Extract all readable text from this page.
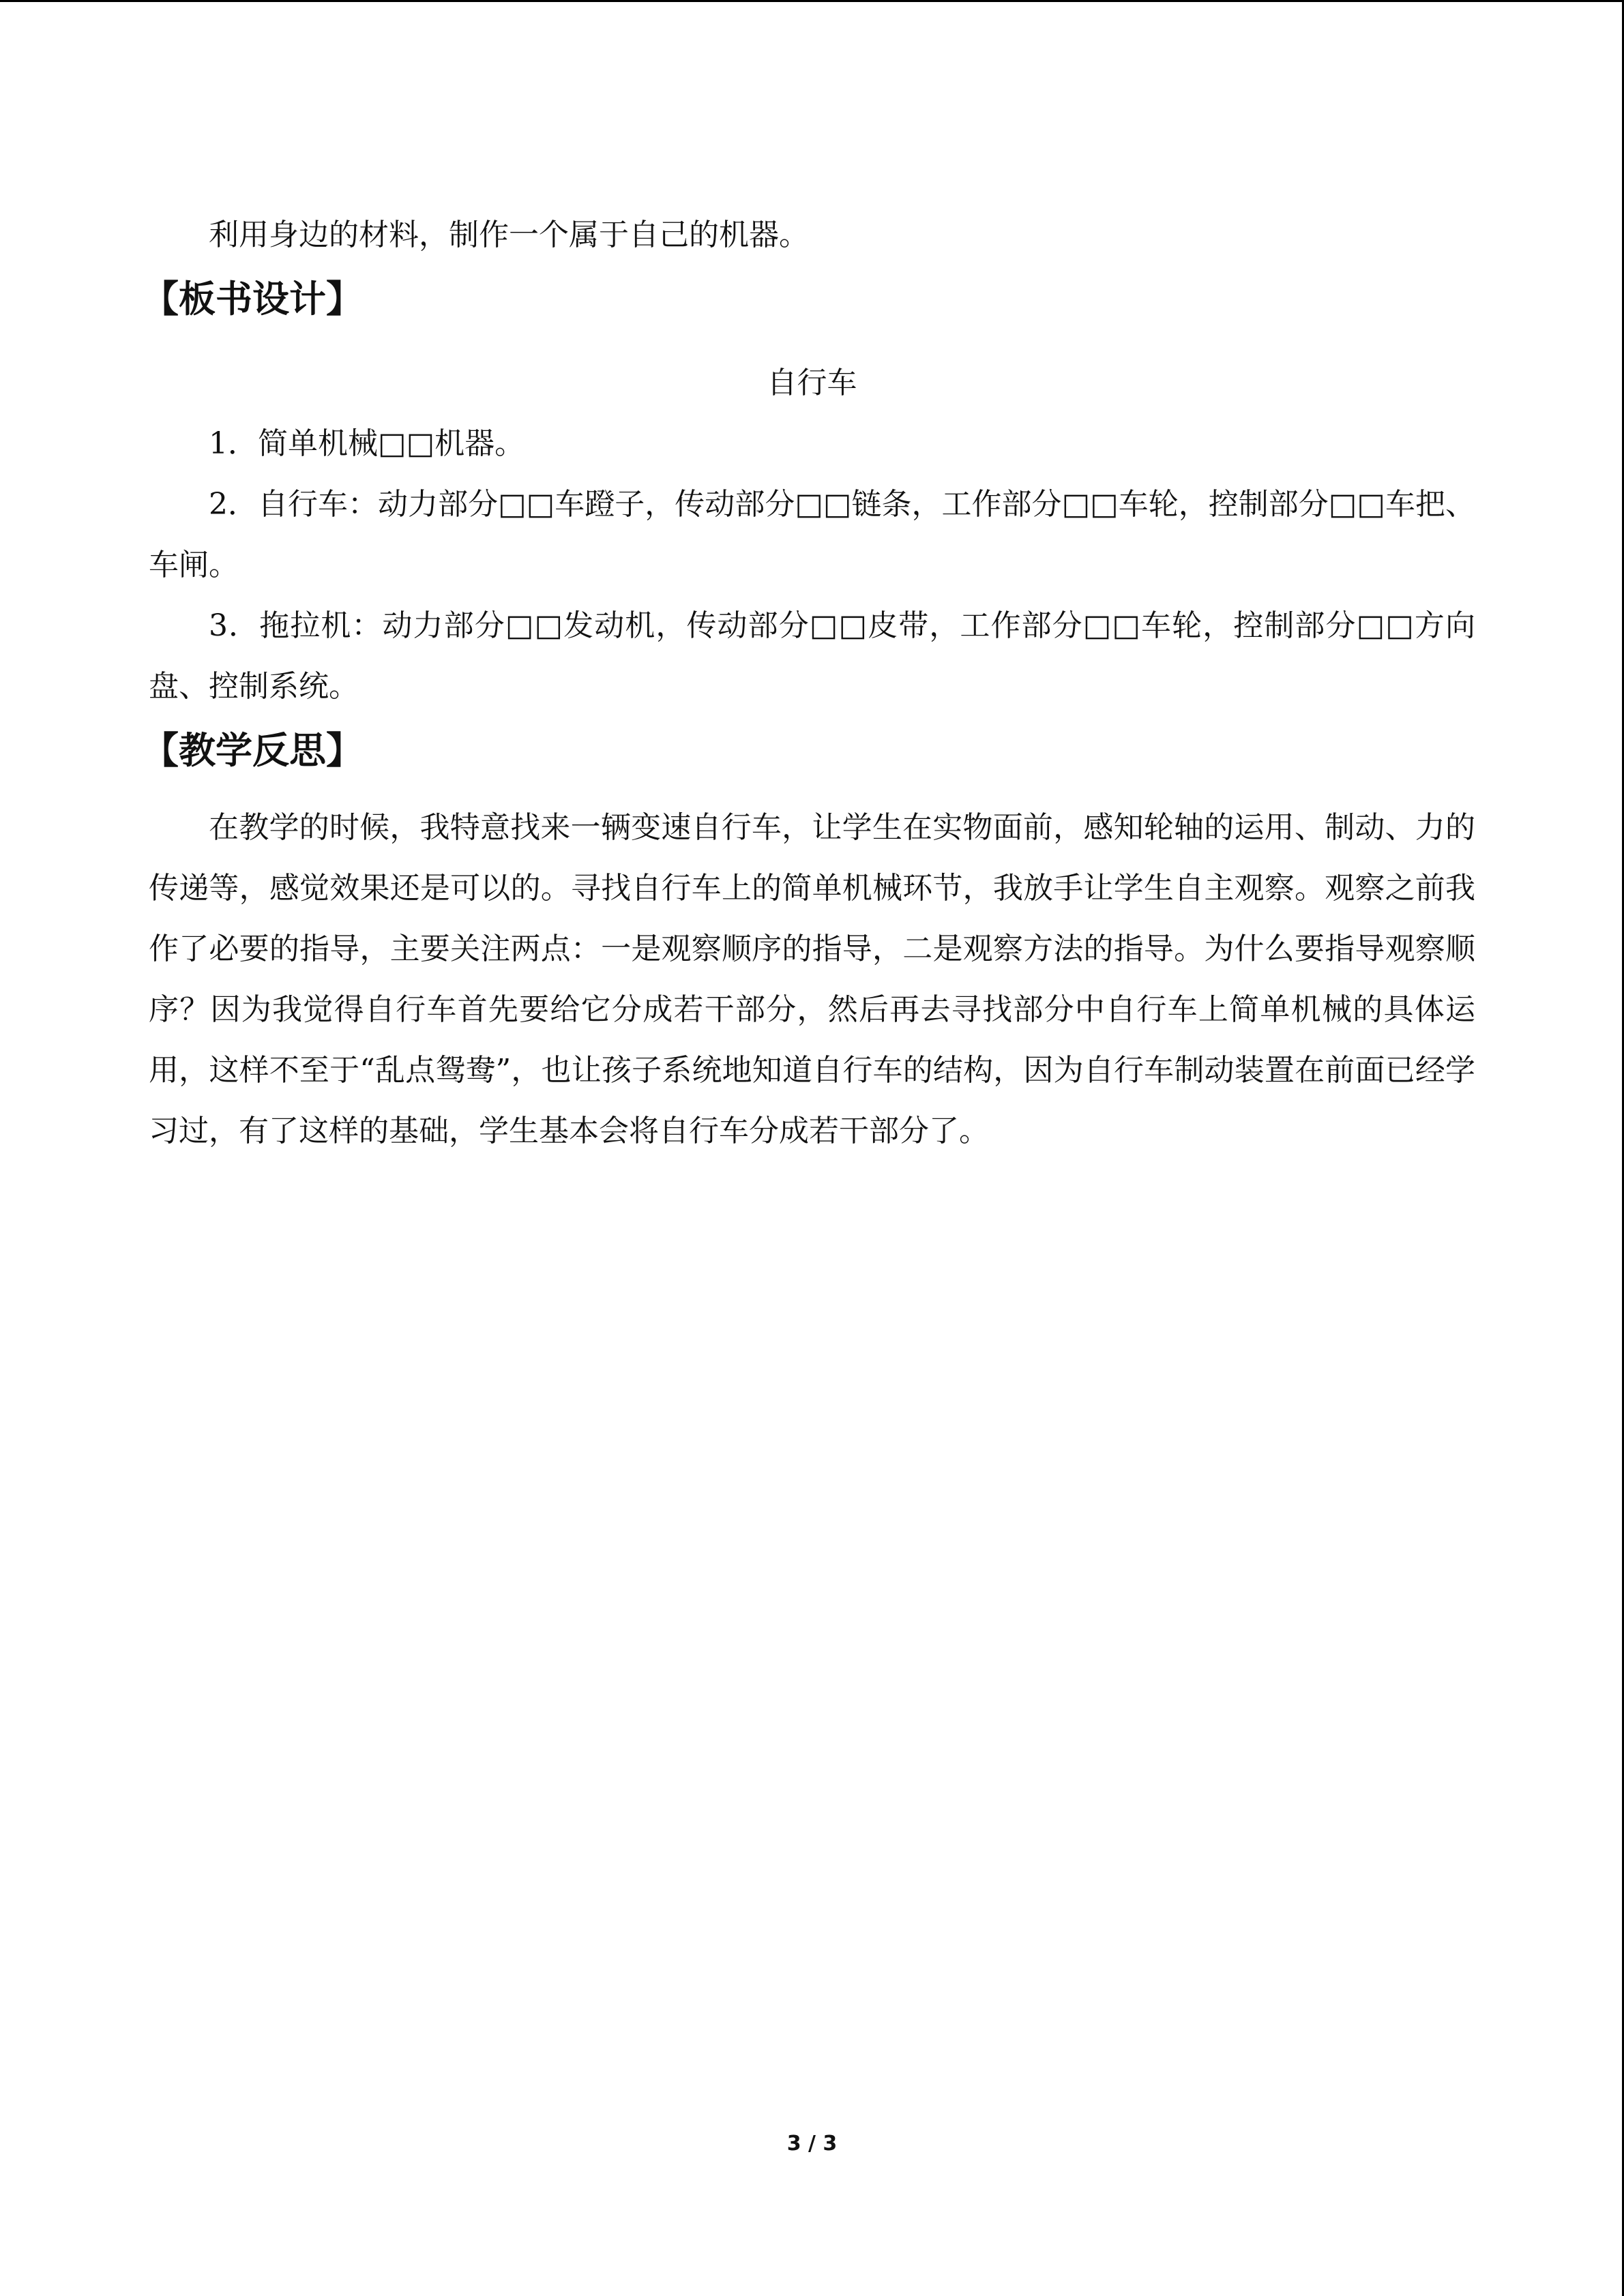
利用身边的材料，制作一个属于自己的机器。

【板书设计】

自行车

1．简单机械□□机器。

2．自行车：动力部分□□车蹬子，传动部分□□链条，工作部分□□车轮，控制部分□□车把、车闸。

3．拖拉机：动力部分□□发动机，传动部分□□皮带，工作部分□□车轮，控制部分□□方向盘、控制系统。

【教学反思】

在教学的时候，我特意找来一辆变速自行车，让学生在实物面前，感知轮轴的运用、制动、力的传递等，感觉效果还是可以的。寻找自行车上的简单机械环节，我放手让学生自主观察。观察之前我作了必要的指导，主要关注两点：一是观察顺序的指导，二是观察方法的指导。为什么要指导观察顺序？因为我觉得自行车首先要给它分成若干部分，然后再去寻找部分中自行车上简单机械的具体运用，这样不至于“乱点鸳鸯”，也让孩子系统地知道自行车的结构，因为自行车制动装置在前面已经学习过，有了这样的基础，学生基本会将自行车分成若干部分了。

3 / 3
